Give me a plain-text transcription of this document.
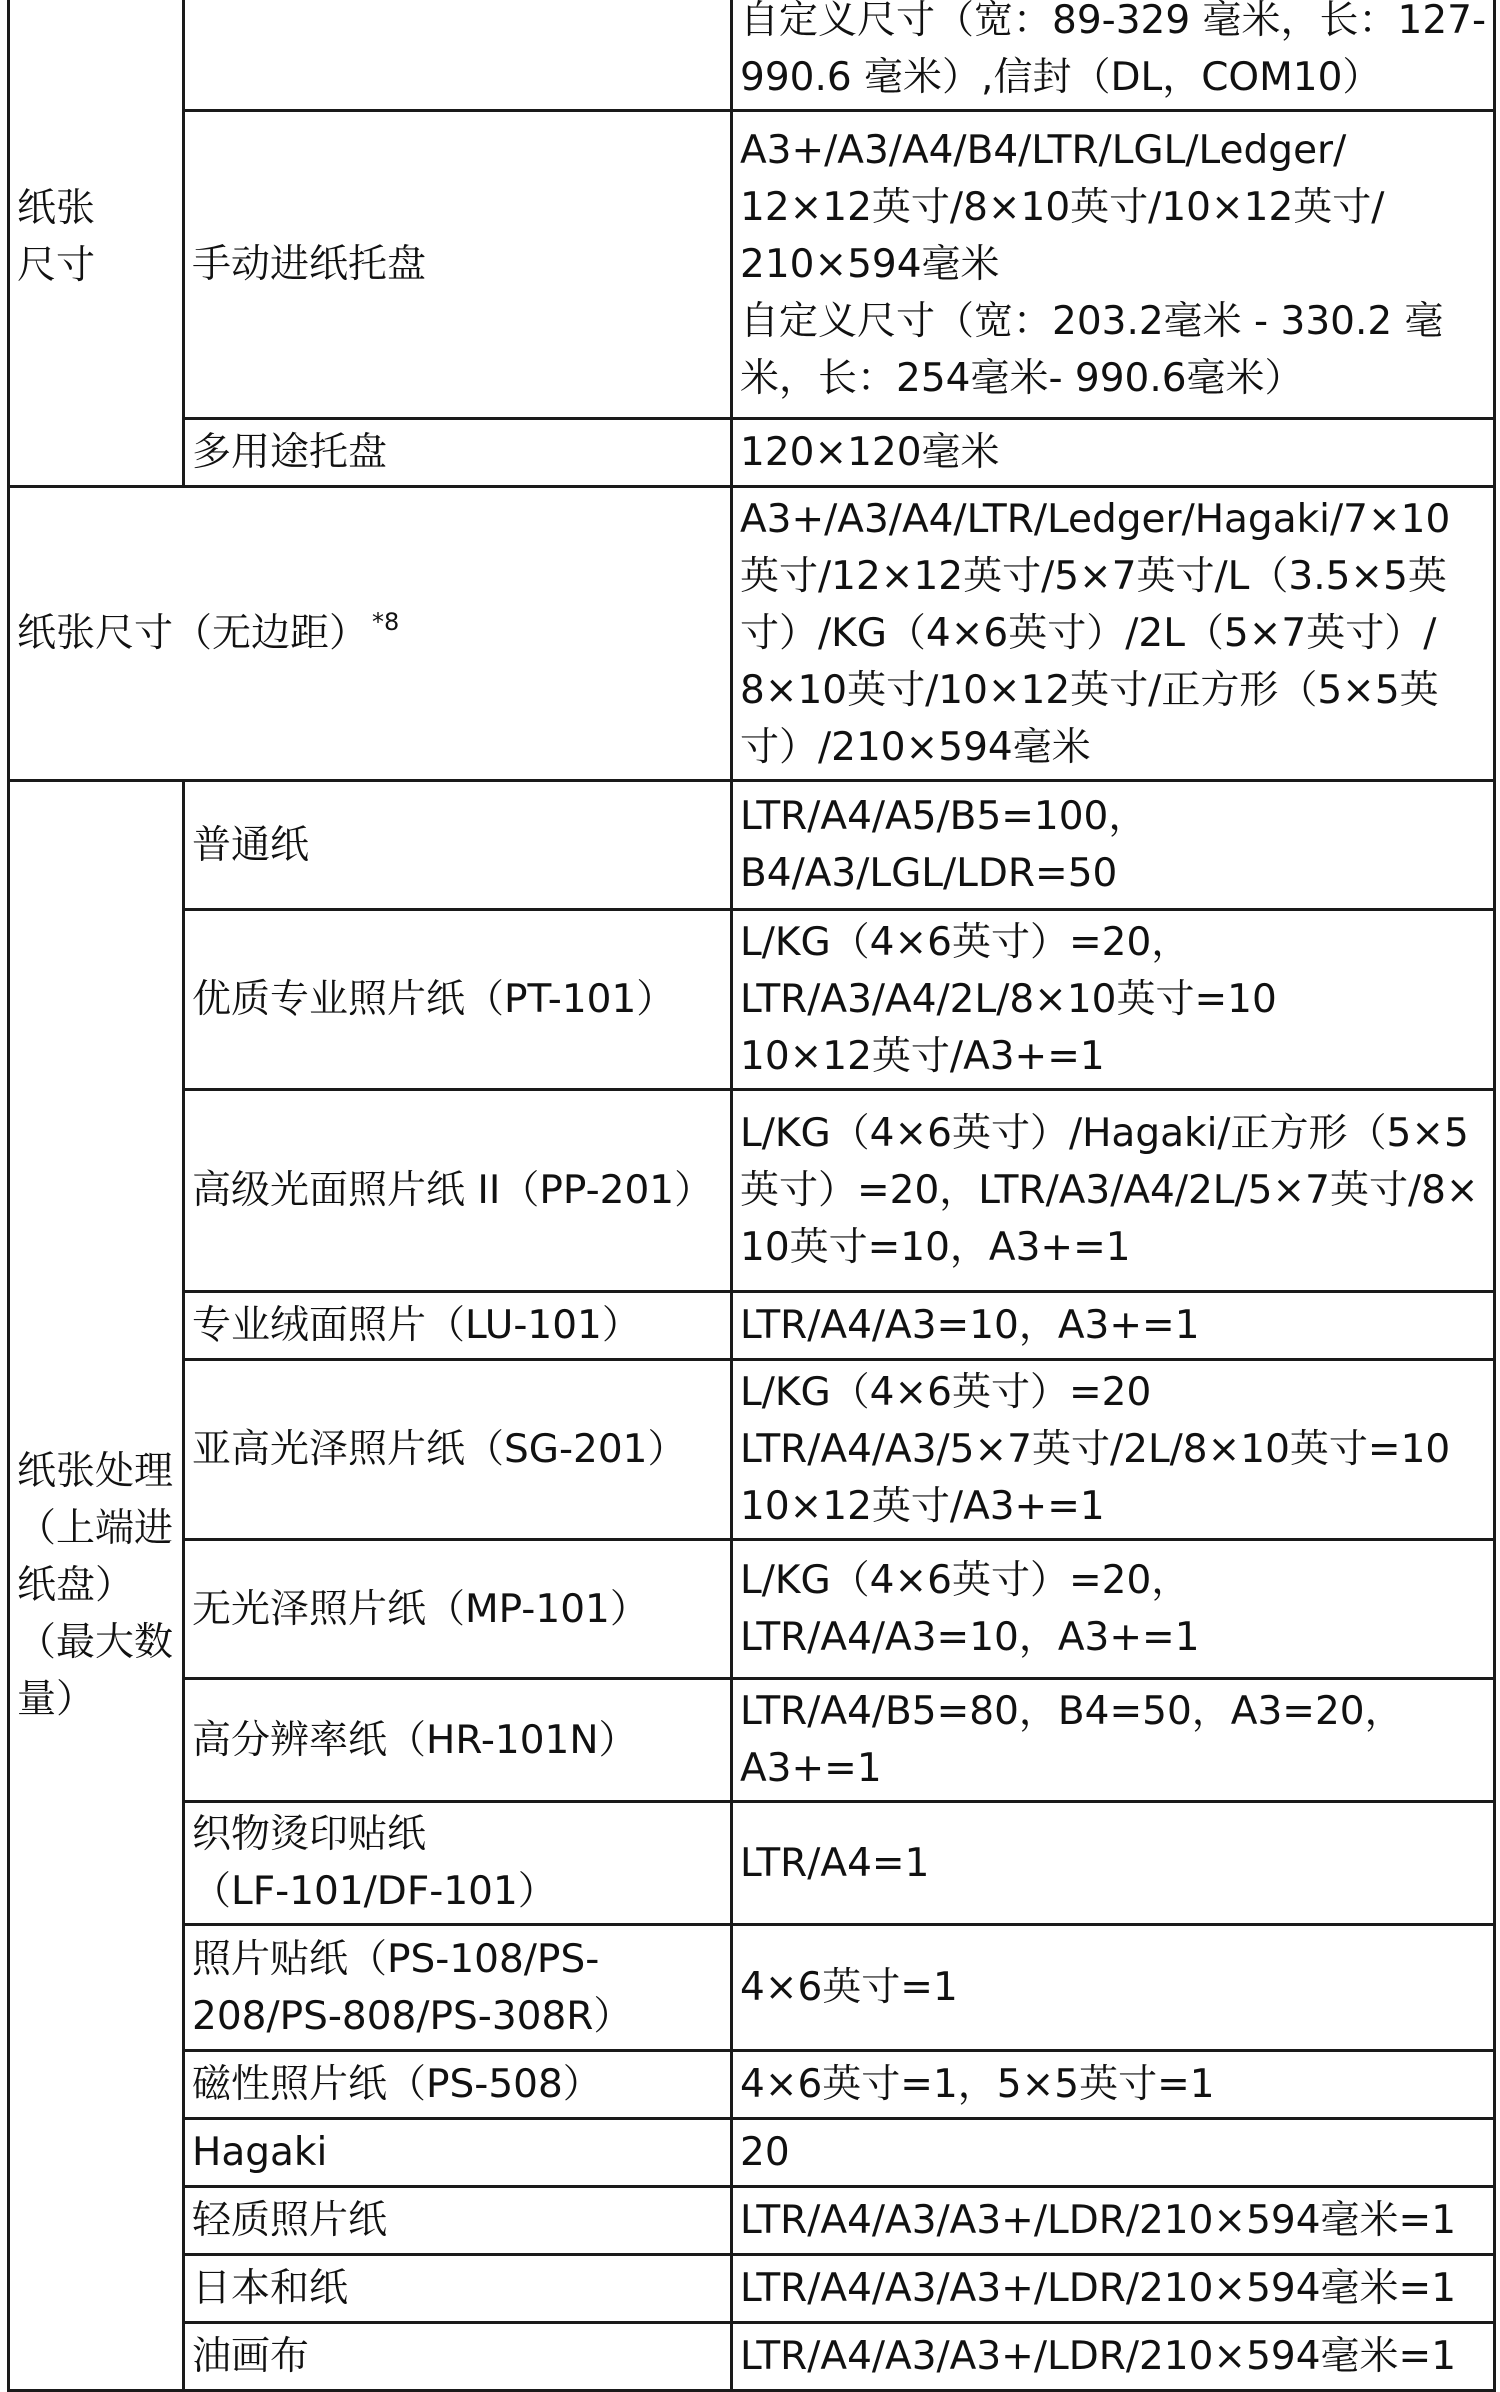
纸张
尺寸		自定义尺寸（宽：89-329 毫米，长：127-
990.6 毫米）,信封（DL，COM10）
	手动进纸托盘	A3+/A3/A4/B4/LTR/LGL/Ledger/
12×12英寸/8×10英寸/10×12英寸/
210×594毫米
自定义尺寸（宽：203.2毫米 - 330.2 毫
米，长：254毫米- 990.6毫米）
	多用途托盘	120×120毫米
纸张尺寸（无边距） $^{*8}$		A3+/A3/A4/LTR/Ledger/Hagaki/7×10
英寸/12×12英寸/5×7英寸/L（3.5×5英
寸）/KG（4×6英寸）/2L（5×7英寸）/
8×10英寸/10×12英寸/正方形（5×5英
寸）/210×594毫米
纸张处理
（上端进
纸盘）
（最大数
量）	普通纸	LTR/A4/A5/B5=100，
B4/A3/LGL/LDR=50
	优质专业照片纸（PT-101）	L/KG（4×6英寸）=20，
LTR/A3/A4/2L/8×10英寸=10
10×12英寸/A3+=1
	高级光面照片纸 II（PP-201）	L/KG（4×6英寸）/Hagaki/正方形（5×5
英寸）=20，LTR/A3/A4/2L/5×7英寸/8×
10英寸=10，A3+=1
	专业绒面照片（LU-101）	LTR/A4/A3=10，A3+=1
	亚高光泽照片纸（SG-201）	L/KG（4×6英寸）=20
LTR/A4/A3/5×7英寸/2L/8×10英寸=10
10×12英寸/A3+=1
	无光泽照片纸（MP-101）	L/KG（4×6英寸）=20，
LTR/A4/A3=10，A3+=1
	高分辨率纸（HR-101N）	LTR/A4/B5=80，B4=50，A3=20，
A3+=1
	织物烫印贴纸
（LF-101/DF-101）	LTR/A4=1
	照片贴纸（PS-108/PS-
208/PS-808/PS-308R）	4×6英寸=1
	磁性照片纸（PS-508）	4×6英寸=1，5×5英寸=1
	Hagaki	20
	轻质照片纸	LTR/A4/A3/A3+/LDR/210×594毫米=1
	日本和纸	LTR/A4/A3/A3+/LDR/210×594毫米=1
	油画布	LTR/A4/A3/A3+/LDR/210×594毫米=1
